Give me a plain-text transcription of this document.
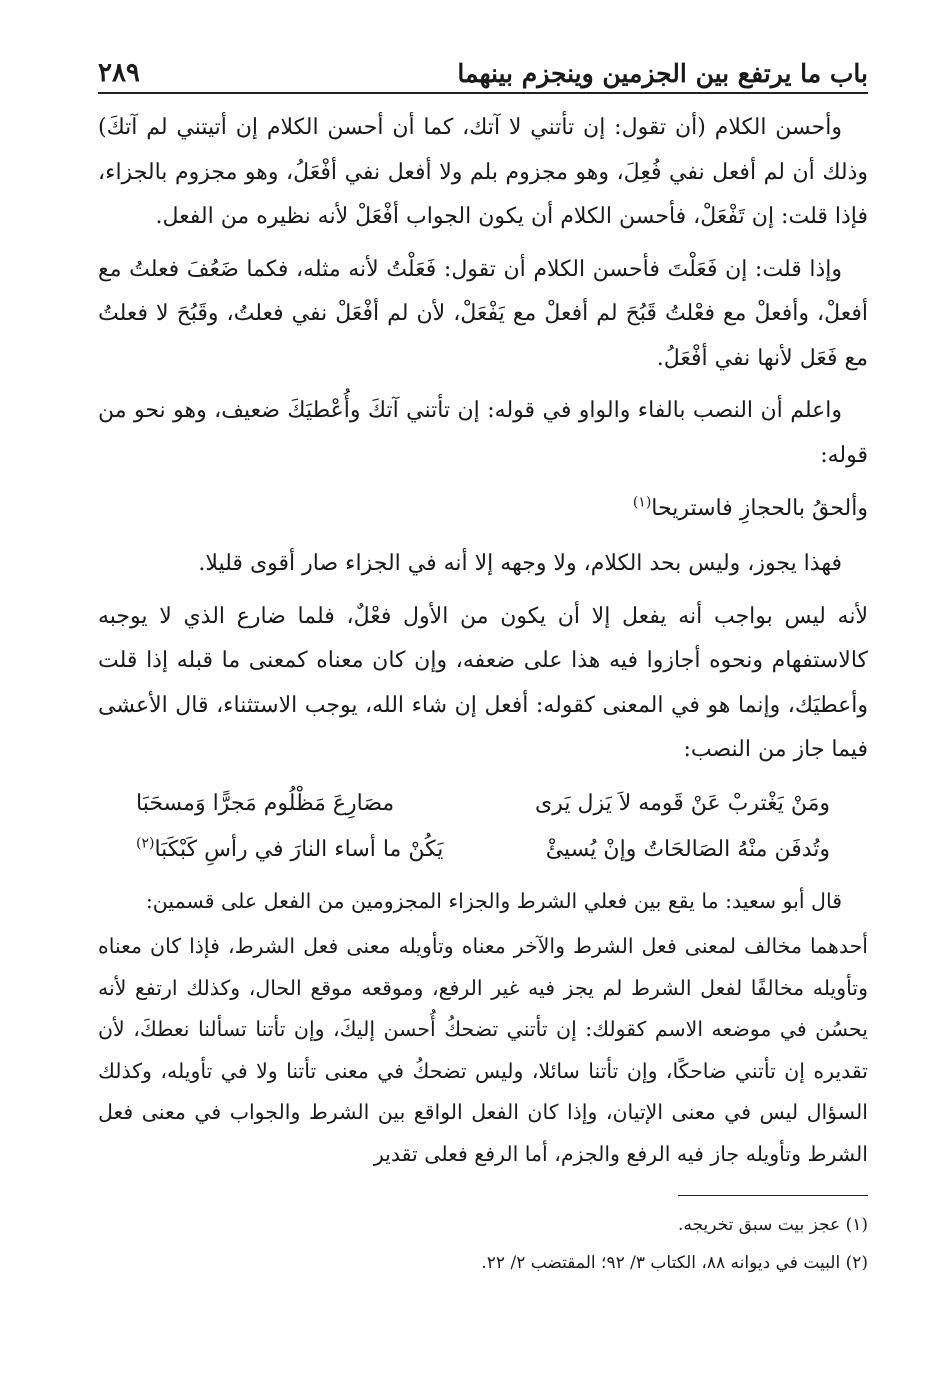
باب ما يرتفع بين الجزمين وينجزم بينهما
٢٨٩

وأحسن الكلام (أن تقول: إن تأتني لا آتك، كما أن أحسن الكلام إن أتيتني لم آتكَ) وذلك أن لم أفعل نفي فُعِلَ، وهو مجزوم بلم ولا أفعل نفي أفْعَلُ، وهو مجزوم بالجزاء، فإذا قلت: إن تَفْعَلْ، فأحسن الكلام أن يكون الجواب أفْعَلْ لأنه نظيره من الفعل.

وإذا قلت: إن فَعَلْتَ فأحسن الكلام أن تقول: فَعَلْتُ لأنه مثله، فكما ضَعُفَ فعلتُ مع أفعلْ، وأفعلْ مع فعْلتُ قَبُحَ لم أفعلْ مع يَفْعَلْ، لأن لم أفْعَلْ نفي فعلتُ، وقَبُحَ لا فعلتُ مع فَعَل لأنها نفي أفْعَلُ.

واعلم أن النصب بالفاء والواو في قوله: إن تأتني آتكَ وأُعْطيَكَ ضعيف، وهو نحو من قوله:

وألحقُ بالحجازِ فاستريحا$^{(١)}$

فهذا يجوز، وليس بحد الكلام، ولا وجهه إلا أنه في الجزاء صار أقوى قليلا.

لأنه ليس بواجب أنه يفعل إلا أن يكون من الأول فعْلٌ، فلما ضارع الذي لا يوجبه كالاستفهام ونحوه أجازوا فيه هذا على ضعفه، وإن كان معناه كمعنى ما قبله إذا قلت وأعطيَك، وإنما هو في المعنى كقوله: أفعل إن شاء الله، يوجب الاستثناء، قال الأعشى فيما جاز من النصب:

ومَنْ يَغْتربْ عَنْ قَومه لاَ يَزل يَرى
مصَارِعَ مَظْلُوم مَجرًّا وَمسحَبَا
وتُدفَن منْهُ الصَالحَاتُ وإنْ يُسيئْ
يَكُنْ ما أساء النارَ في رأسِ كَبْكَبَا$^{(٢)}$

قال أبو سعيد: ما يقع بين فعلي الشرط والجزاء المجزومين من الفعل على قسمين:

أحدهما مخالف لمعنى فعل الشرط والآخر معناه وتأويله معنى فعل الشرط، فإذا كان معناه وتأويله مخالفًا لفعل الشرط لم يجز فيه غير الرفع، وموقعه موقع الحال، وكذلك ارتفع لأنه يحسُن في موضعه الاسم كقولك: إن تأتني تضحكُ أُحسن إليكَ، وإن تأتنا تسألنا نعطكَ، لأن تقديره إن تأتني ضاحكًا، وإن تأتنا سائلا، وليس تضحكُ في معنى تأتنا ولا في تأويله، وكذلك السؤال ليس في معنى الإتيان، وإذا كان الفعل الواقع بين الشرط والجواب في معنى فعل الشرط وتأويله جاز فيه الرفع والجزم، أما الرفع فعلى تقدير

(١) عجز بيت سبق تخريجه.
(٢) البيت في ديوانه ٨٨، الكتاب ٣/ ٩٢؛ المقتضب ٢/ ٢٢.
